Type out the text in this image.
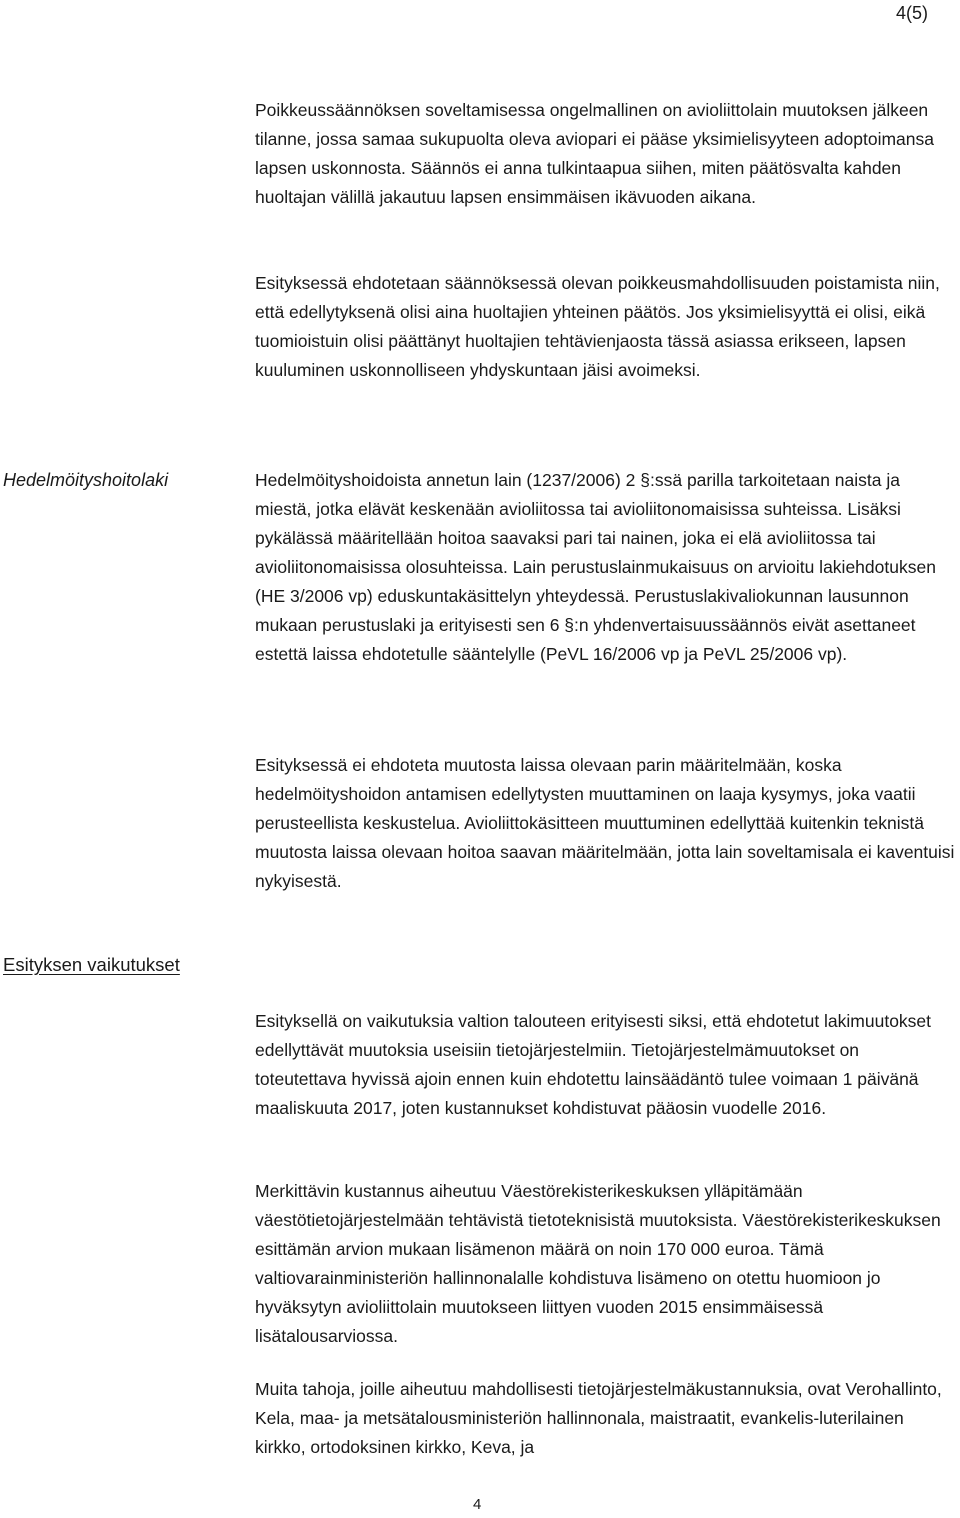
4(5)

Poikkeussäännöksen soveltamisessa ongelmallinen on avioliittolain muutoksen jälkeen tilanne, jossa samaa sukupuolta oleva aviopari ei pääse yksimielisyyteen adoptoimansa lapsen uskonnosta. Säännös ei anna tulkintaapua siihen, miten päätösvalta kahden huoltajan välillä jakautuu lapsen ensimmäisen ikävuoden aikana.

Esityksessä ehdotetaan säännöksessä olevan poikkeusmahdollisuuden poistamista niin, että edellytyksenä olisi aina huoltajien yhteinen päätös. Jos yksimielisyyttä ei olisi, eikä tuomioistuin olisi päättänyt huoltajien tehtävienjaosta tässä asiassa erikseen, lapsen kuuluminen uskonnolliseen yhdyskuntaan jäisi avoimeksi.

Hedelmöityshoitolaki	Hedelmöityshoidoista annetun lain (1237/2006) 2 §:ssä parilla tarkoitetaan naista ja miestä, jotka elävät keskenään avioliitossa tai avioliitonomaisissa suhteissa. Lisäksi pykälässä määritellään hoitoa saavaksi pari tai nainen, joka ei elä avioliitossa tai avioliitonomaisissa olosuhteissa. Lain perustuslainmukaisuus on arvioitu lakiehdotuksen (HE 3/2006 vp) eduskuntakäsittelyn yhteydessä. Perustuslakivaliokunnan lausunnon mukaan perustuslaki ja erityisesti sen 6 §:n yhdenvertaisuussäännös eivät asettaneet estettä laissa ehdotetulle sääntelylle (PeVL 16/2006 vp ja PeVL 25/2006 vp).

Esityksessä ei ehdoteta muutosta laissa olevaan parin määritelmään, koska hedelmöityshoidon antamisen edellytysten muuttaminen on laaja kysymys, joka vaatii perusteellista keskustelua. Avioliittokäsitteen muuttuminen edellyttää kuitenkin teknistä muutosta laissa olevaan hoitoa saavan määritelmään, jotta lain soveltamisala ei kaventuisi nykyisestä.

Esityksen vaikutukset

Esityksellä on vaikutuksia valtion talouteen erityisesti siksi, että ehdotetut lakimuutokset edellyttävät muutoksia useisiin tietojärjestelmiin. Tietojärjestelmämuutokset on toteutettava hyvissä ajoin ennen kuin ehdotettu lainsäädäntö tulee voimaan 1 päivänä maaliskuuta 2017, joten kustannukset kohdistuvat pääosin vuodelle 2016.

Merkittävin kustannus aiheutuu Väestörekisterikeskuksen ylläpitämään väestötietojärjestelmään tehtävistä tietoteknisistä muutoksista. Väestörekisterikeskuksen esittämän arvion mukaan lisämenon määrä on noin 170 000 euroa. Tämä valtiovarainministeriön hallinnonalalle kohdistuva lisämeno on otettu huomioon jo hyväksytyn avioliittolain muutokseen liittyen vuoden 2015 ensimmäisessä lisätalousarviossa.

Muita tahoja, joille aiheutuu mahdollisesti tietojärjestelmäkustannuksia, ovat Verohallinto, Kela, maa- ja metsätalousministeriön hallinnonala, maistraatit, evankelis-luterilainen kirkko, ortodoksinen kirkko, Keva, ja

4
